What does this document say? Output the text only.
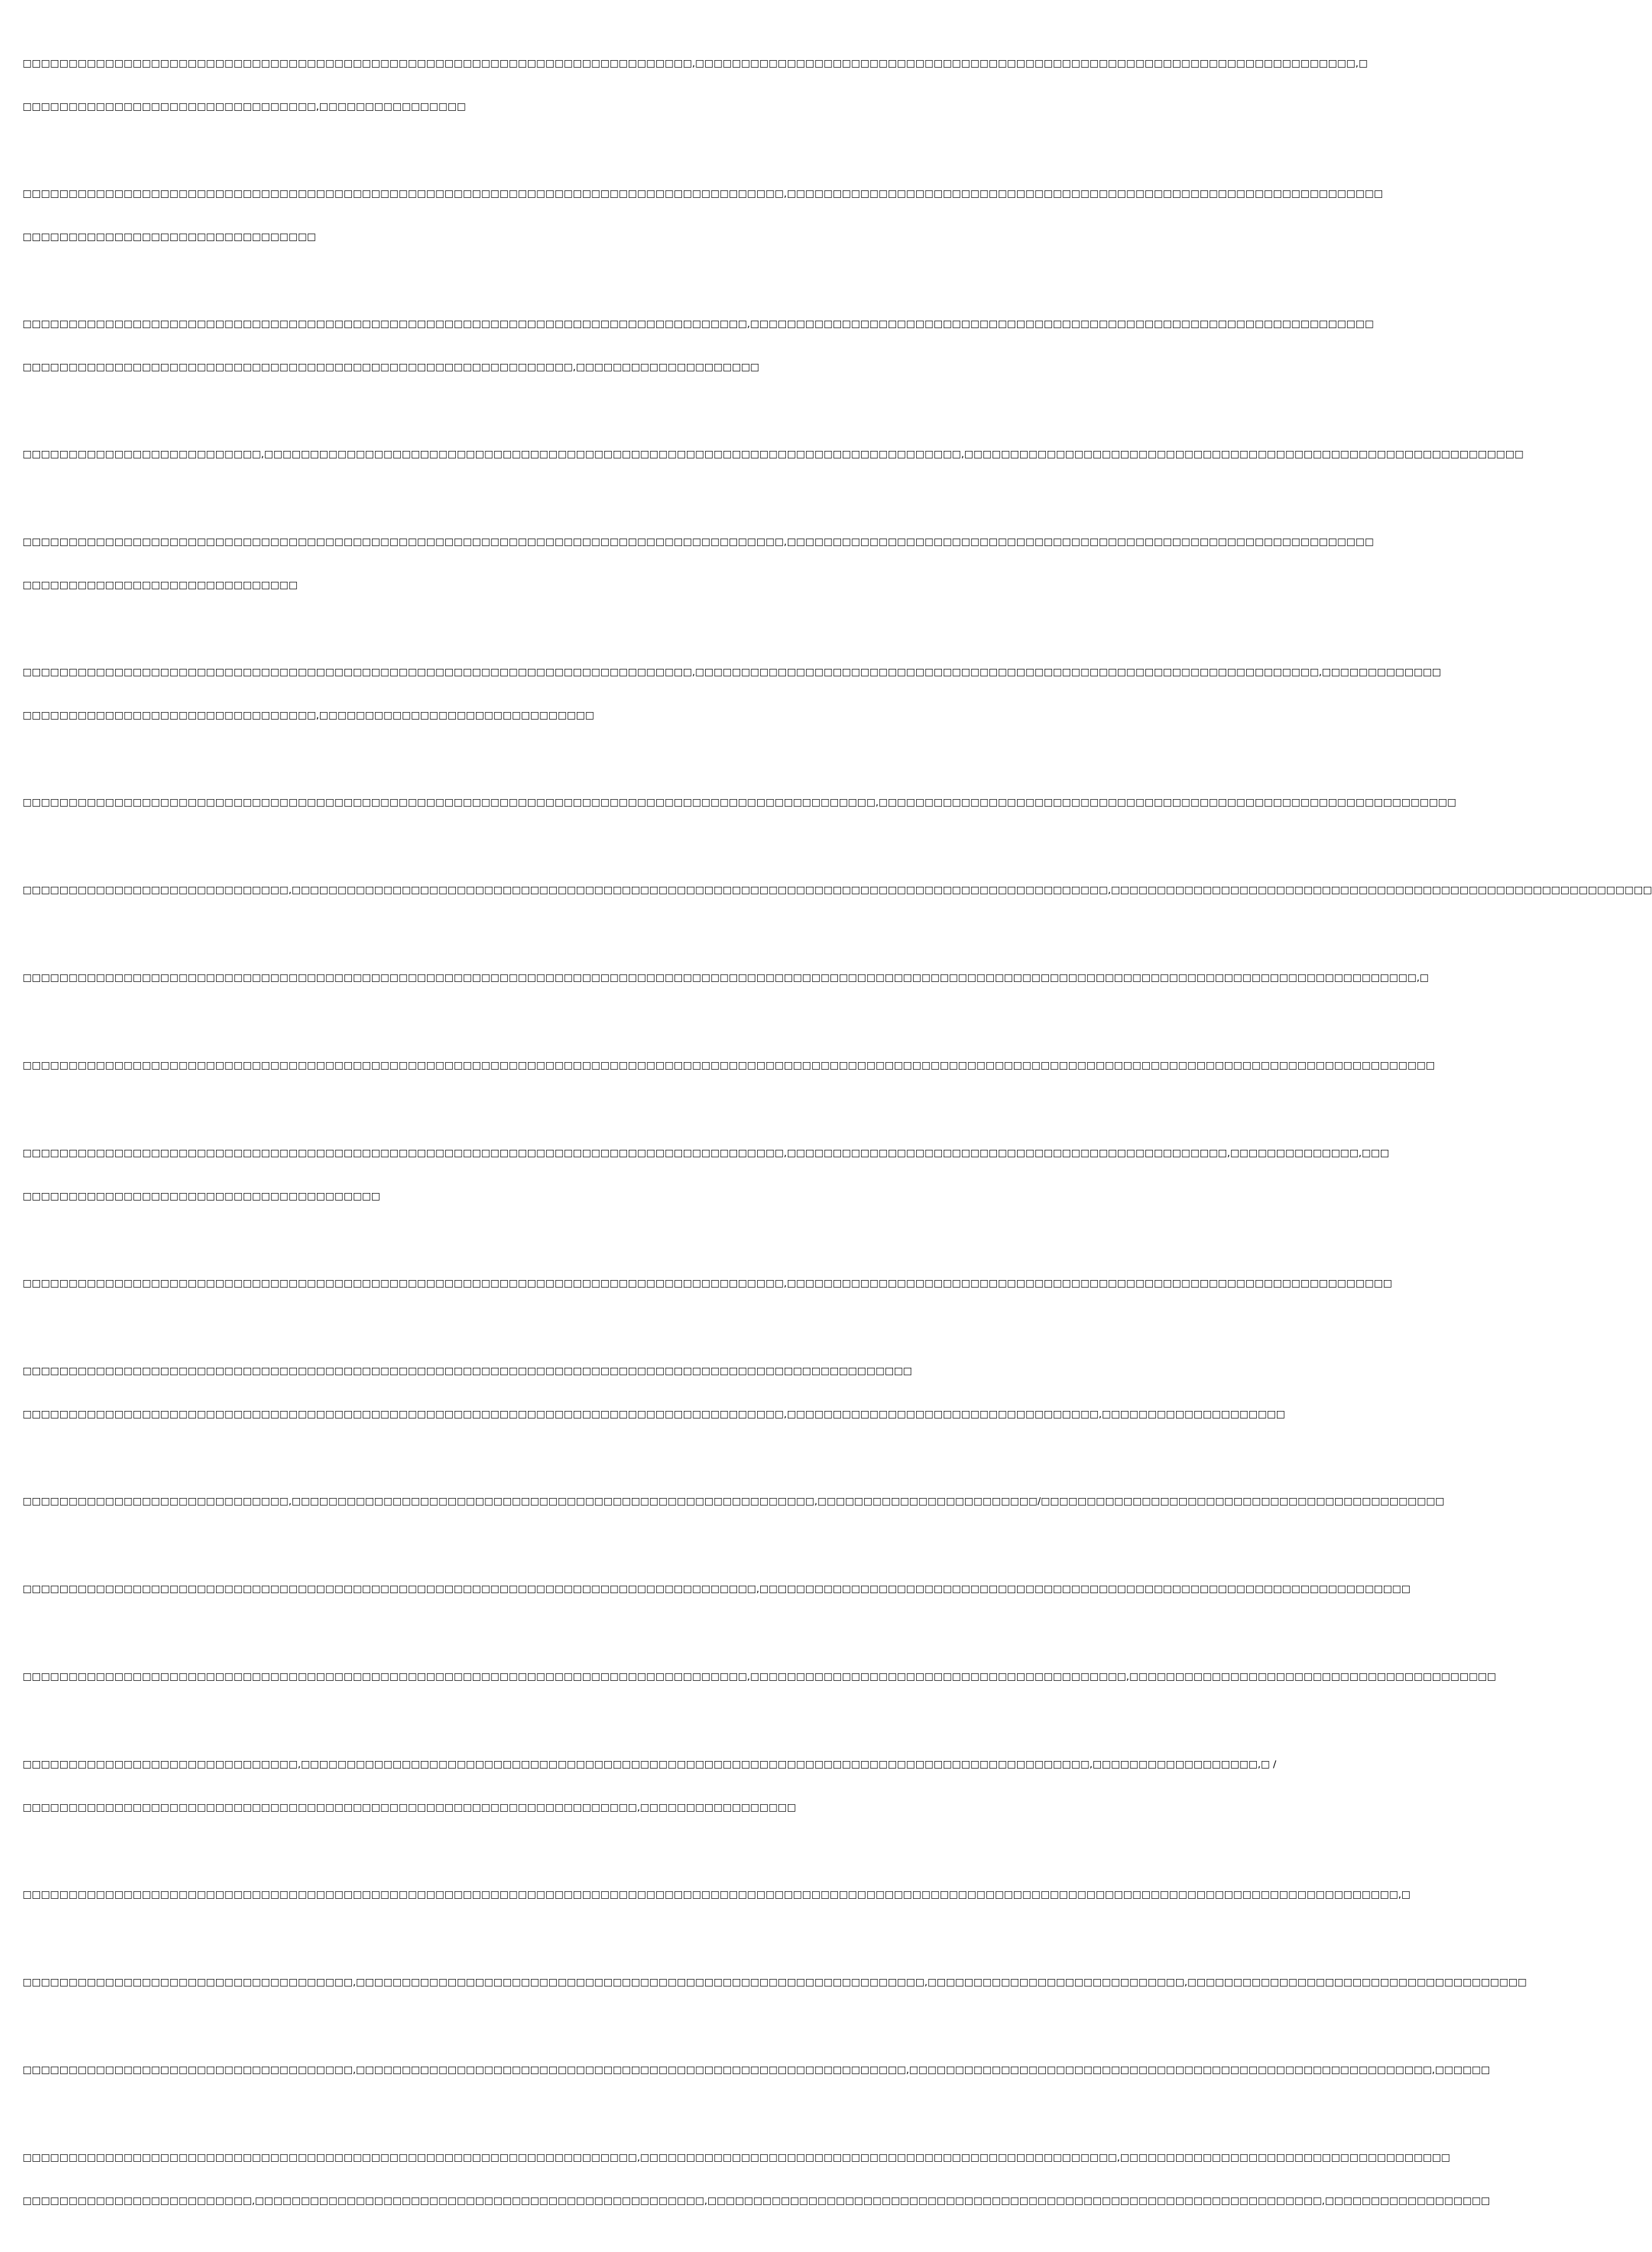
□□□□□□□□□□□□□□□□□□□□□□□□□□□□□□□□□□□□□□□□□□□□□□□□□□□□□□□□□□□□□□□□□□□□□□□□□,□□□□□□□□□□□□□□□□□□□□□□□□□□□□□□□□□□□□□□□□□□□□□□□□□□□□□□□□□□□□□□□□□□□□□□□□,□

□□□□□□□□□□□□□□□□□□□□□□□□□□□□□□□□,□□□□□□□□□□□□□□□□

□□□□□□□□□□□□□□□□□□□□□□□□□□□□□□□□□□□□□□□□□□□□□□□□□□□□□□□□□□□□□□□□□□□□□□□□□□□□□□□□□□□,□□□□□□□□□□□□□□□□□□□□□□□□□□□□□□□□□□□□□□□□□□□□□□□□□□□□□□□□□□□□□□□□□

□□□□□□□□□□□□□□□□□□□□□□□□□□□□□□□□

□□□□□□□□□□□□□□□□□□□□□□□□□□□□□□□□□□□□□□□□□□□□□□□□□□□□□□□□□□□□□□□□□□□□□□□□□□□□□□□,□□□□□□□□□□□□□□□□□□□□□□□□□□□□□□□□□□□□□□□□□□□□□□□□□□□□□□□□□□□□□□□□□□□□

□□□□□□□□□□□□□□□□□□□□□□□□□□□□□□□□□□□□□□□□□□□□□□□□□□□□□□□□□□□□,□□□□□□□□□□□□□□□□□□□□

□□□□□□□□□□□□□□□□□□□□□□□□□□,□□□□□□□□□□□□□□□□□□□□□□□□□□□□□□□□□□□□□□□□□□□□□□□□□□□□□□□□□□□□□□□□□□□□□□□□□□□□,□□□□□□□□□□□□□□□□□□□□□□□□□□□□□□□□□□□□□□□□□□□□□□□□□□□□□□□□□□□□□

□□□□□□□□□□□□□□□□□□□□□□□□□□□□□□□□□□□□□□□□□□□□□□□□□□□□□□□□□□□□□□□□□□□□□□□□□□□□□□□□□□□,□□□□□□□□□□□□□□□□□□□□□□□□□□□□□□□□□□□□□□□□□□□□□□□□□□□□□□□□□□□□□□□□

□□□□□□□□□□□□□□□□□□□□□□□□□□□□□□

□□□□□□□□□□□□□□□□□□□□□□□□□□□□□□□□□□□□□□□□□□□□□□□□□□□□□□□□□□□□□□□□□□□□□□□□□,□□□□□□□□□□□□□□□□□□□□□□□□□□□□□□□□□□□□□□□□□□□□□□□□□□□□□□□□□□□□□□□□□□□□,□□□□□□□□□□□□□

□□□□□□□□□□□□□□□□□□□□□□□□□□□□□□□□,□□□□□□□□□□□□□□□□□□□□□□□□□□□□□□

□□□□□□□□□□□□□□□□□□□□□□□□□□□□□□□□□□□□□□□□□□□□□□□□□□□□□□□□□□□□□□□□□□□□□□□□□□□□□□□□□□□□□□□□□□□□□,□□□□□□□□□□□□□□□□□□□□□□□□□□□□□□□□□□□□□□□□□□□□□□□□□□□□□□□□□□□□□□□

□□□□□□□□□□□□□□□□□□□□□□□□□□□□□,□□□□□□□□□□□□□□□□□□□□□□□□□□□□□□□□□□□□□□□□□□□□□□□□□□□□□□□□□□□□□□□□□□□□□□□□□□□□□□□□□□□□□□□□□,□□□□□□□□□□□□□□□□□□□□□□□□□□□□□□□□□□□□□□□□□□□□□□□□□□□□□□□□□□□

□□□□□□□□□□□□□□□□□□□□□□□□□□□□□□□□□□□□□□□□□□□□□□□□□□□□□□□□□□□□□□□□□□□□□□□□□□□□□□□□□□□□□□□□□□□□□□□□□□□□□□□□□□□□□□□□□□□□□□□□□□□□□□□□□□□□□□□□□□□□□□□□□□□□□□□□,□

□□□□□□□□□□□□□□□□□□□□□□□□□□□□□□□□□□□□□□□□□□□□□□□□□□□□□□□□□□□□□□□□□□□□□□□□□□□□□□□□□□□□□□□□□□□□□□□□□□□□□□□□□□□□□□□□□□□□□□□□□□□□□□□□□□□□□□□□□□□□□□□□□□□□□□□□□□

□□□□□□□□□□□□□□□□□□□□□□□□□□□□□□□□□□□□□□□□□□□□□□□□□□□□□□□□□□□□□□□□□□□□□□□□□□□□□□□□□□□,□□□□□□□□□□□□□□□□□□□□□□□□□□□□□□□□□□□□□□□□□□□□□□□□,□□□□□□□□□□□□□□,□□□

□□□□□□□□□□□□□□□□□□□□□□□□□□□□□□□□□□□□□□□

□□□□□□□□□□□□□□□□□□□□□□□□□□□□□□□□□□□□□□□□□□□□□□□□□□□□□□□□□□□□□□□□□□□□□□□□□□□□□□□□□□□,□□□□□□□□□□□□□□□□□□□□□□□□□□□□□□□□□□□□□□□□□□□□□□□□□□□□□□□□□□□□□□□□□□

□□□□□□□□□□□□□□□□□□□□□□□□□□□□□□□□□□□□□□□□□□□□□□□□□□□□□□□□□□□□□□□□□□□□□□□□□□□□□□□□□□□□□□□□□□□□□□□□□

□□□□□□□□□□□□□□□□□□□□□□□□□□□□□□□□□□□□□□□□□□□□□□□□□□□□□□□□□□□□□□□□□□□□□□□□□□□□□□□□□□□,□□□□□□□□□□□□□□□□□□□□□□□□□□□□□□□□□□,□□□□□□□□□□□□□□□□□□□□

□□□□□□□□□□□□□□□□□□□□□□□□□□□□□,□□□□□□□□□□□□□□□□□□□□□□□□□□□□□□□□□□□□□□□□□□□□□□□□□□□□□□□□□,□□□□□□□□□□□□□□□□□□□□□□□□/□□□□□□□□□□□□□□□□□□□□□□□□□□□□□□□□□□□□□□□□□□□□

□□□□□□□□□□□□□□□□□□□□□□□□□□□□□□□□□□□□□□□□□□□□□□□□□□□□□□□□□□□□□□□□□□□□□□□□□□□□□□□□,□□□□□□□□□□□□□□□□□□□□□□□□□□□□□□□□□□□□□□□□□□□□□□□□□□□□□□□□□□□□□□□□□□□□□□□

□□□□□□□□□□□□□□□□□□□□□□□□□□□□□□□□□□□□□□□□□□□□□□□□□□□□□□□□□□□□□□□□□□□□□□□□□□□□□□□,□□□□□□□□□□□□□□□□□□□□□□□□□□□□□□□□□□□□□□□□□,□□□□□□□□□□□□□□□□□□□□□□□□□□□□□□□□□□□□□□□□

□□□□□□□□□□□□□□□□□□□□□□□□□□□□□□,□□□□□□□□□□□□□□□□□□□□□□□□□□□□□□□□□□□□□□□□□□□□□□□□□□□□□□□□□□□□□□□□□□□□□□□□□□□□□□□□□□□□□□,□□□□□□□□□□□□□□□□□□,□ /

□□□□□□□□□□□□□□□□□□□□□□□□□□□□□□□□□□□□□□□□□□□□□□□□□□□□□□□□□□□□□□□□□□□,□□□□□□□□□□□□□□□□□

□□□□□□□□□□□□□□□□□□□□□□□□□□□□□□□□□□□□□□□□□□□□□□□□□□□□□□□□□□□□□□□□□□□□□□□□□□□□□□□□□□□□□□□□□□□□□□□□□□□□□□□□□□□□□□□□□□□□□□□□□□□□□□□□□□□□□□□□□□□□□□□□□□□□□□,□

□□□□□□□□□□□□□□□□□□□□□□□□□□□□□□□□□□□□,□□□□□□□□□□□□□□□□□□□□□□□□□□□□□□□□□□□□□□□□□□□□□□□□□□□□□□□□□□□□□□,□□□□□□□□□□□□□□□□□□□□□□□□□□□□,□□□□□□□□□□□□□□□□□□□□□□□□□□□□□□□□□□□□□

□□□□□□□□□□□□□□□□□□□□□□□□□□□□□□□□□□□□,□□□□□□□□□□□□□□□□□□□□□□□□□□□□□□□□□□□□□□□□□□□□□□□□□□□□□□□□□□□□,□□□□□□□□□□□□□□□□□□□□□□□□□□□□□□□□□□□□□□□□□□□□□□□□□□□□□□□□□,□□□□□□

□□□□□□□□□□□□□□□□□□□□□□□□□□□□□□□□□□□□□□□□□□□□□□□□□□□□□□□□□□□□□□□□□□□,□□□□□□□□□□□□□□□□□□□□□□□□□□□□□□□□□□□□□□□□□□□□□□□□□□□□,□□□□□□□□□□□□□□□□□□□□□□□□□□□□□□□□□□□□

□□□□□□□□□□□□□□□□□□□□□□□□□,□□□□□□□□□□□□□□□□□□□□□□□□□□□□□□□□□□□□□□□□□□□□□□□□□,□□□□□□□□□□□□□□□□□□□□□□□□□□□□□□□□□□□□□□□□□□□□□□□□□□□□□□□□□□□□□□□□□□□,□□□□□□□□□□□□□□□□□□
